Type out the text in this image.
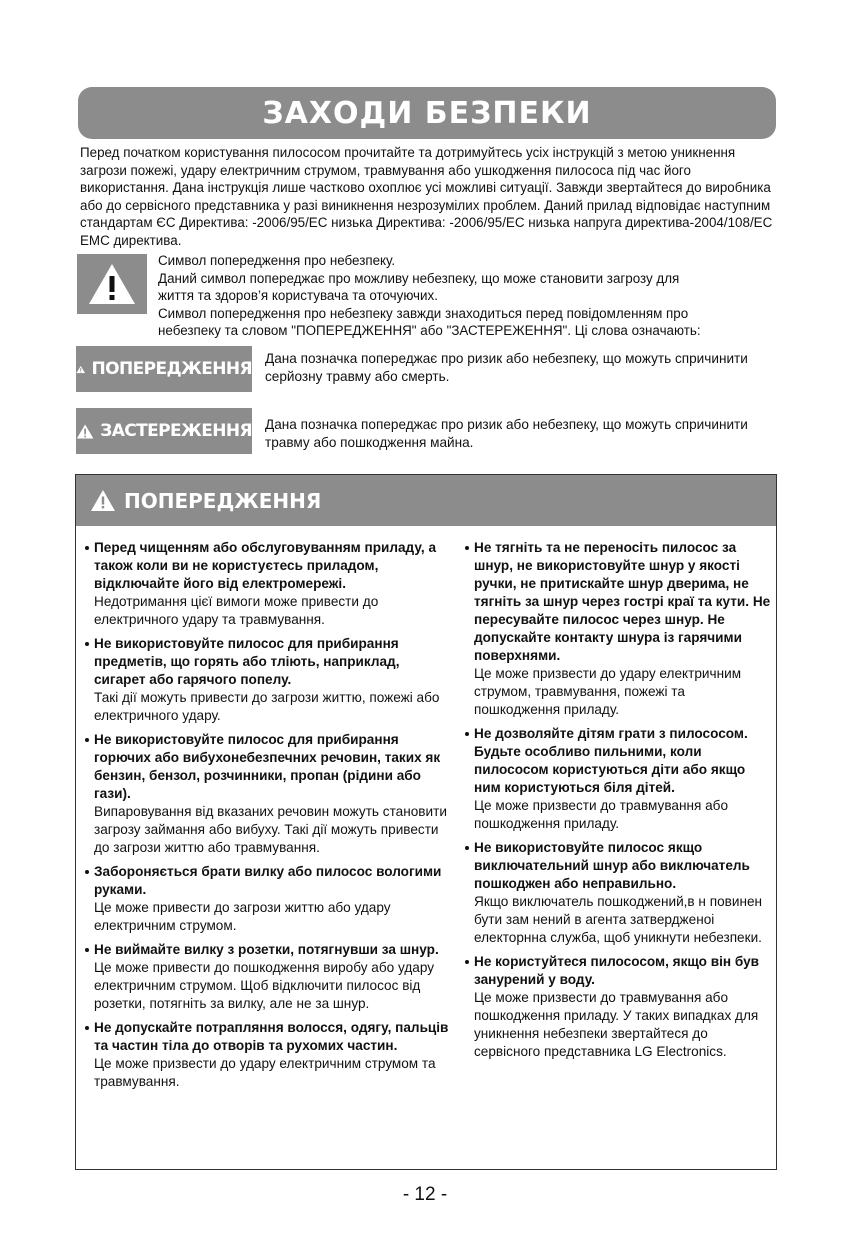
ЗАХОДИ БЕЗПЕКИ

Перед початком користування пилососом прочитайте та дотримуйтесь усіх інструкцій з метою уникнення загрози пожежі, удару електричним струмом, травмування або ушкодження пилососа під час його використання. Дана інструкція лише частково охоплює усі можливі ситуації. Завжди звертайтеся до виробника або до сервісного представника у разі виникнення незрозумілих проблем. Даний прилад відповідає наступним стандартам ЄС Директива: -2006/95/ЕС низька Директива: -2006/95/ЕС низька напруга директива-2004/108/ЕС ЕМС директива.

Символ попередження про небезпеку.
Даний символ попереджає про можливу небезпеку, що може становити загрозу для
життя та здоров’я користувача та оточуючих.
Символ попередження про небезпеку завжди знаходиться перед повідомленням про
небезпеку та словом "ПОПЕРЕДЖЕННЯ" або "ЗАСТЕРЕЖЕННЯ". Ці слова означають:
ПОПЕРЕДЖЕННЯ
Дана позначка попереджає про ризик або небезпеку, що можуть спричинити серйозну травму або смерть.
ЗАСТЕРЕЖЕННЯ Дана позначка попереджає про ризик або небезпеку, що можуть спричинити травму або пошкодження майна.
ПОПЕРЕДЖЕННЯ
Перед чищенням або обслуговуванням приладу, а також коли ви не користуєтесь приладом, відключайте його від електромережі.
Недотримання цієї вимоги може привести до електричного удару та травмування.
Не використовуйте пилосос для прибирання предметів, що горять або тліють, наприклад, сигарет або гарячого попелу.
Такі дії можуть привести до загрози життю, пожежі або електричного удару.
Не використовуйте пилосос для прибирання горючих або вибухонебезпечних речовин, таких як бензин, бензол, розчинники, пропан (рідини або гази).
Випаровування від вказаних речовин можуть становити загрозу займання або вибуху. Такі дії можуть привести до загрози життю або травмування.
Забороняється брати вилку або пилосос вологими руками.
Це може привести до загрози життю або удару електричним струмом.
Не виймайте вилку з розетки, потягнувши за шнур.
Це може привести до пошкодження виробу або удару електричним струмом. Щоб відключити пилосос від розетки, потягніть за вилку, але не за шнур.
Не допускайте потрапляння волосся, одягу, пальців та частин тіла до отворів та рухомих частин.
Це може призвести до удару електричним струмом та травмування.
Не тягніть та не переносіть пилосос за шнур, не використовуйте шнур у якості ручки, не притискайте шнур дверима, не тягніть за шнур через гострі краї та кути. Не пересувайте пилосос через шнур. Не допускайте контакту шнура із гарячими поверхнями.
Це може призвести до удару електричним струмом, травмування, пожежі та пошкодження приладу.
Не дозволяйте дітям грати з пилососом. Будьте особливо пильними, коли пилососом користуються діти або якщо ним користуються біля дітей.
Це може призвести до травмування або пошкодження приладу.
Не використовуйте пилосос якщо виключательний шнур або виключатель пошкоджен або неправильно.
Якщо виключатель пошкоджений,в н повинен бути зам нений в агента затвердженоі електорнна служба, щоб уникнути небезпеки.
Не користуйтеся пилососом, якщо він був занурений у воду.
Це може призвести до травмування або пошкодження приладу. У таких випадках для уникнення небезпеки звертайтеся до сервісного представника LG Electronics.
- 12 -
